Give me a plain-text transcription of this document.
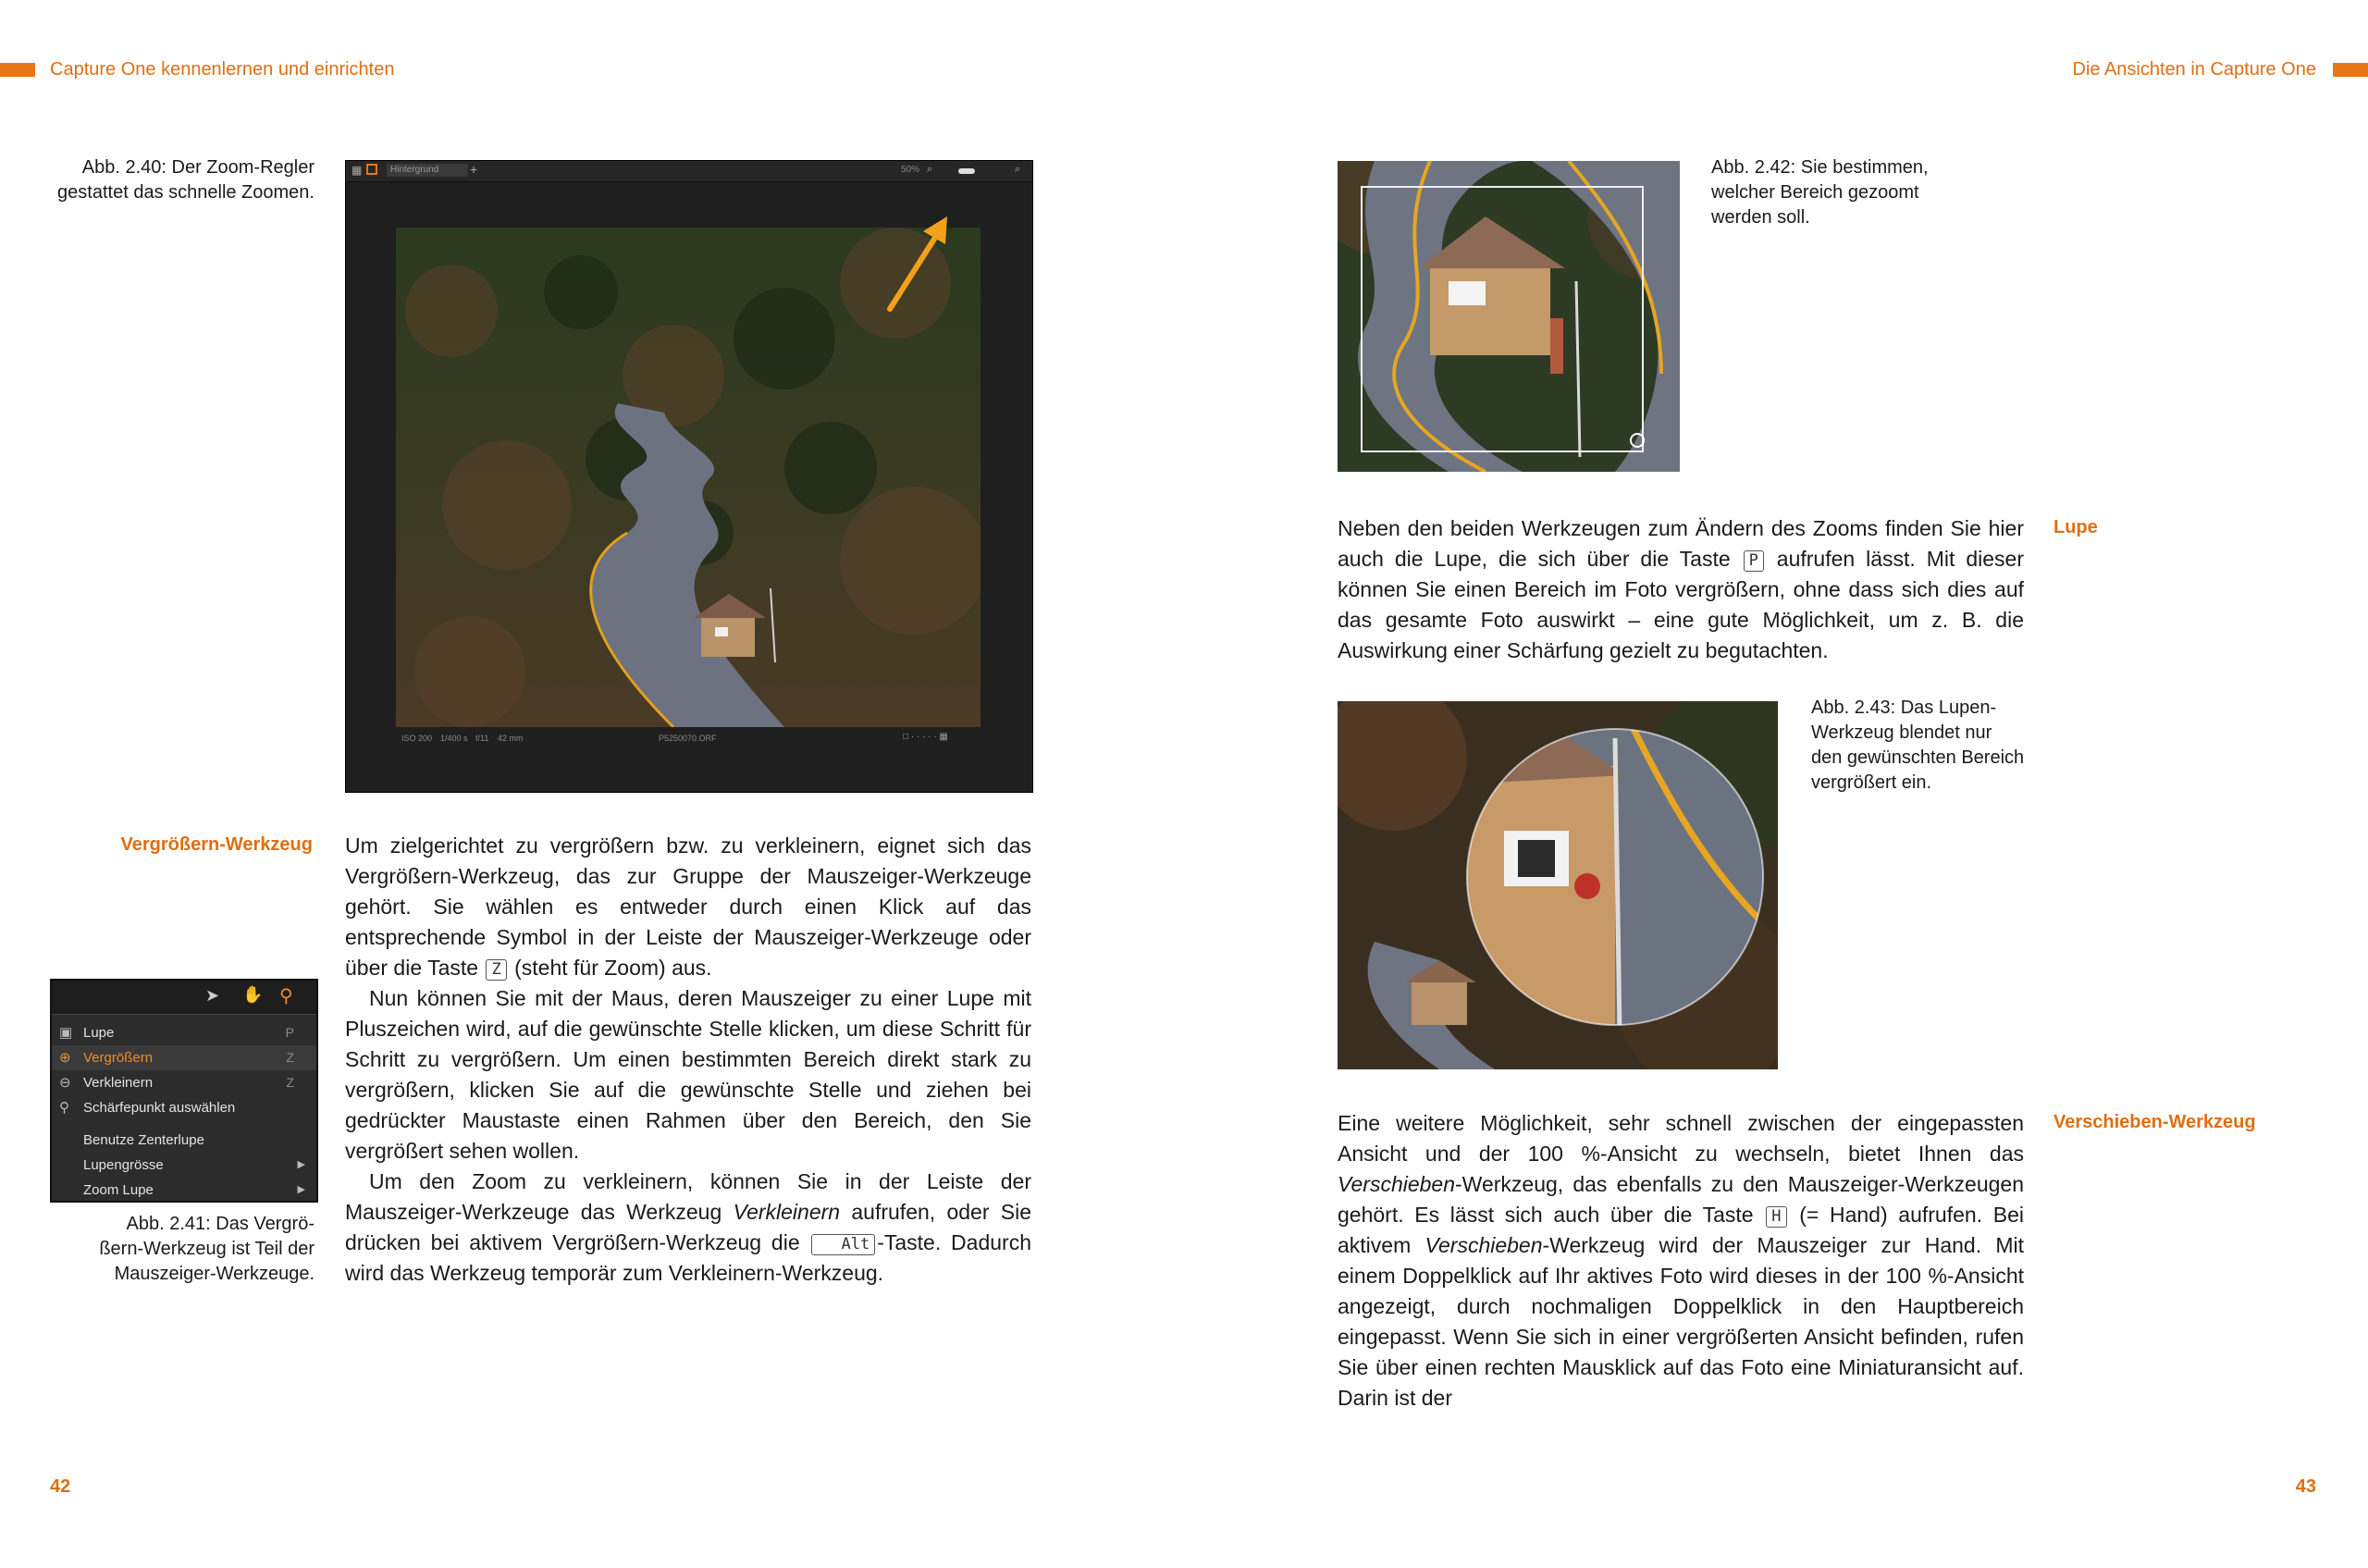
Capture One kennenlernen und einrichten	Die Ansichten in Capture One
Abb. 2.40: Der Zoom-Regler
gestattet das schnelle Zoomen.
▦	Hintergrund	+	50% ⌕	⌕
ISO 200 1/400 s f/11 42 mm	P5250070.ORF	□ · · · · · ▦
Vergrößern-Werkzeug Um zielgerichtet zu vergrößern bzw. zu verkleinern, eignet sich das Vergrößern-Werkzeug, das zur Gruppe der Mauszeiger-Werkzeuge gehört. Sie wählen es entweder durch einen Klick auf das entsprechende Symbol in der Leiste der Mauszeiger-Werkzeuge oder über die Taste Z (steht für Zoom) aus.

Nun können Sie mit der Maus, deren Mauszeiger zu einer Lupe mit Pluszeichen wird, auf die gewünschte Stelle klicken, um diese Schritt für Schritt zu vergrößern. Um einen bestimmten Bereich direkt stark zu vergrößern, klicken Sie auf die gewünschte Stelle und ziehen bei gedrückter Maustaste einen Rahmen über den Bereich, den Sie vergrößert sehen wollen.

Um den Zoom zu verkleinern, können Sie in der Leiste der Mauszeiger-Werkzeuge das Werkzeug Verkleinern aufrufen, oder Sie drücken bei aktivem Vergrößern-Werkzeug die	Alt -Taste. Dadurch wird das Werkzeug temporär zum Verkleinern-Werkzeug.

➤ ✋ ⚲
▣ Lupe	P
⊕ Vergrößern	Z
⊖ Verkleinern	Z
⚲ Schärfepunkt auswählen
Benutze Zenterlupe
Lupengrösse	▶
Zoom Lupe	▶
Abb. 2.41: Das Vergrö-
ßern-Werkzeug ist Teil der
Mauszeiger-Werkzeuge.
Abb. 2.42: Sie bestimmen,
welcher Bereich gezoomt
werden soll.

Neben den beiden Werkzeugen zum Ändern des Zooms finden Sie hier auch die Lupe, die sich über die Taste P aufrufen lässt. Mit dieser können Sie einen Bereich im Foto vergrößern, ohne dass sich dies auf das gesamte Foto auswirkt – eine gute Möglichkeit, um z. B. die Auswirkung einer Schärfung gezielt zu begutachten.

Lupe
Abb. 2.43: Das Lupen-
Werkzeug blendet nur
den gewünschten Bereich
vergrößert ein.

Eine weitere Möglichkeit, sehr schnell zwischen der eingepassten Ansicht und der 100 %-Ansicht zu wechseln, bietet Ihnen das Verschieben-Werkzeug, das ebenfalls zu den Mauszeiger-Werkzeugen gehört. Es lässt sich auch über die Taste H (= Hand) aufrufen. Bei aktivem Verschieben-Werkzeug wird der Mauszeiger zur Hand. Mit einem Doppelklick auf Ihr aktives Foto wird dieses in der 100 %-Ansicht angezeigt, durch nochmaligen Doppelklick in den Hauptbereich eingepasst. Wenn Sie sich in einer vergrößerten Ansicht befinden, rufen Sie über einen rechten Mausklick auf das Foto eine Miniaturansicht auf. Darin ist der

Verschieben-Werkzeug
42	43
